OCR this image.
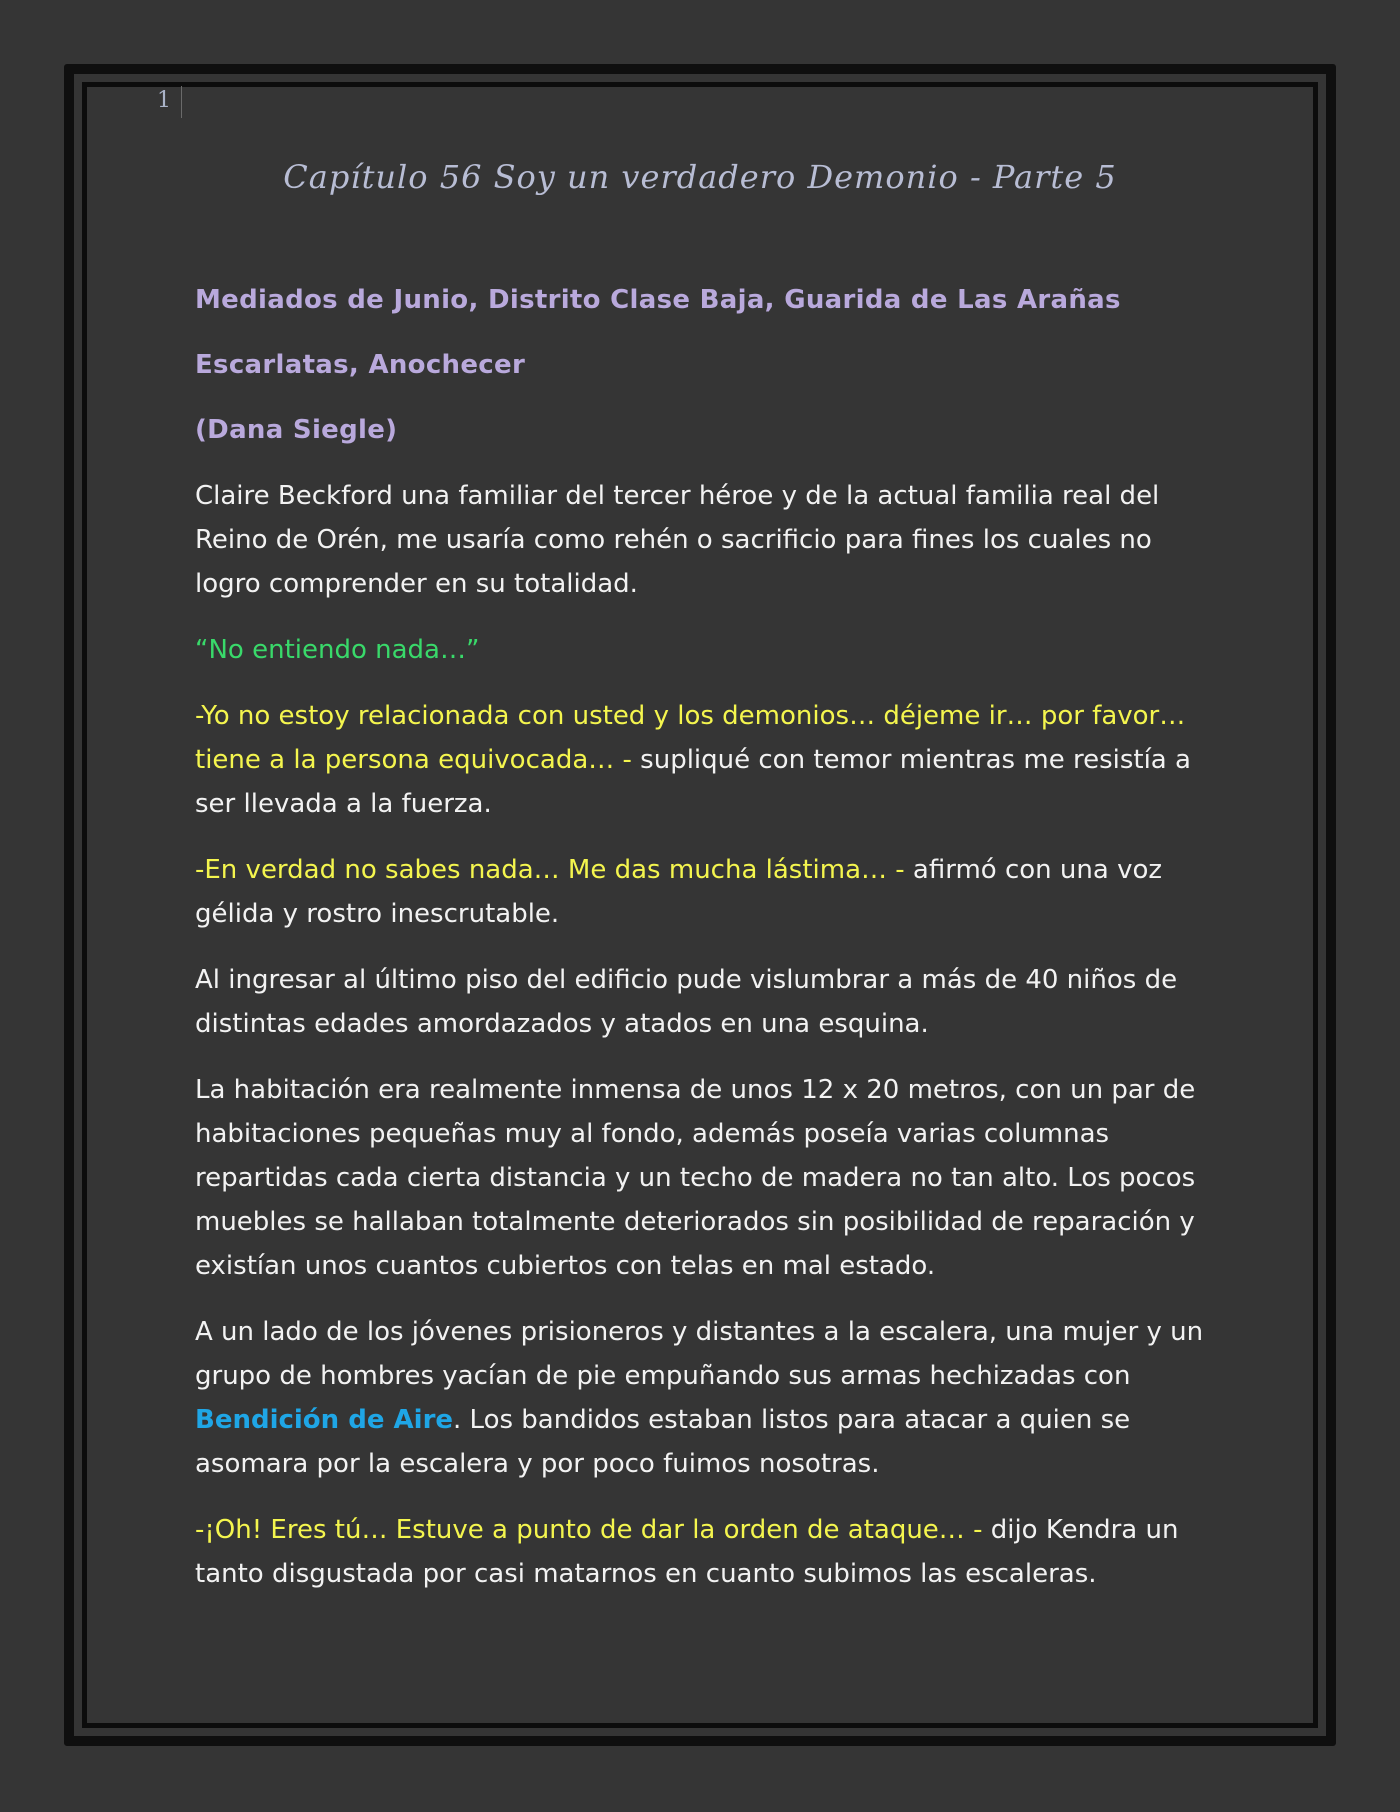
1
Capítulo 56 Soy un verdadero Demonio - Parte 5
Mediados de Junio, Distrito Clase Baja, Guarida de Las Arañas
Escarlatas, Anochecer
(Dana Siegle)

Claire Beckford una familiar del tercer héroe y de la actual familia real del Reino de Orén, me usaría como rehén o sacrificio para fines los cuales no logro comprender en su totalidad.

“No entiendo nada…”

-Yo no estoy relacionada con usted y los demonios… déjeme ir… por favor… tiene a la persona equivocada… - supliqué con temor mientras me resistía a ser llevada a la fuerza.

-En verdad no sabes nada… Me das mucha lástima… - afirmó con una voz gélida y rostro inescrutable.

Al ingresar al último piso del edificio pude vislumbrar a más de 40 niños de distintas edades amordazados y atados en una esquina.

La habitación era realmente inmensa de unos 12 x 20 metros, con un par de habitaciones pequeñas muy al fondo, además poseía varias columnas repartidas cada cierta distancia y un techo de madera no tan alto. Los pocos muebles se hallaban totalmente deteriorados sin posibilidad de reparación y existían unos cuantos cubiertos con telas en mal estado.

A un lado de los jóvenes prisioneros y distantes a la escalera, una mujer y un grupo de hombres yacían de pie empuñando sus armas hechizadas con Bendición de Aire. Los bandidos estaban listos para atacar a quien se asomara por la escalera y por poco fuimos nosotras.

-¡Oh! Eres tú… Estuve a punto de dar la orden de ataque… - dijo Kendra un tanto disgustada por casi matarnos en cuanto subimos las escaleras.
